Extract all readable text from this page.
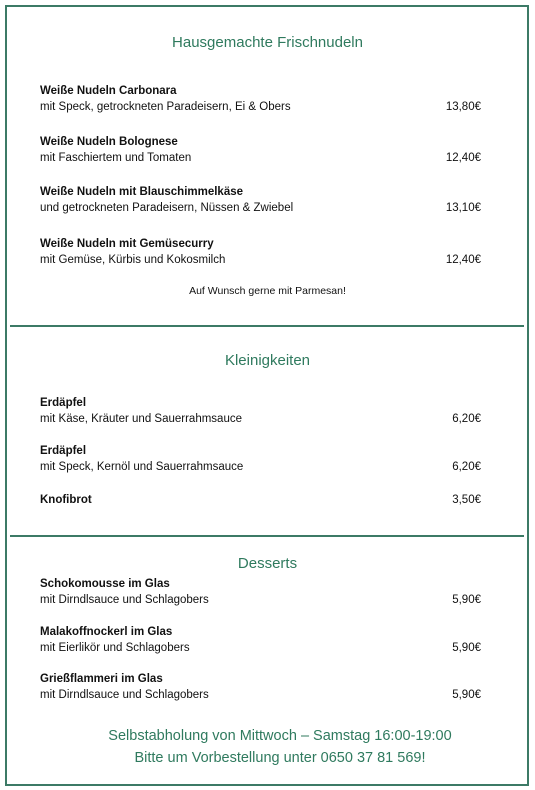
Hausgemachte Frischnudeln
Weiße Nudeln Carbonara
mit Speck, getrockneten Paradeisern, Ei & Obers	13,80€
Weiße Nudeln Bolognese
mit Faschiertem und Tomaten	12,40€
Weiße Nudeln mit Blauschimmelkäse
und getrockneten Paradeisern, Nüssen & Zwiebel	13,10€
Weiße Nudeln mit Gemüsecurry
mit Gemüse, Kürbis und Kokosmilch	12,40€
Auf Wunsch gerne mit Parmesan!
Kleinigkeiten
Erdäpfel
mit Käse, Kräuter und Sauerrahmsauce	6,20€
Erdäpfel
mit Speck, Kernöl und Sauerrahmsauce	6,20€
Knofibrot	3,50€
Desserts
Schokomousse im Glas
mit Dirndlsauce und Schlagobers	5,90€
Malakoffnockerl im Glas
mit Eierlikör und Schlagobers	5,90€
Grießflammeri im Glas
mit Dirndlsauce und Schlagobers	5,90€
Selbstabholung von Mittwoch – Samstag 16:00-19:00
Bitte um Vorbestellung unter 0650 37 81 569!
